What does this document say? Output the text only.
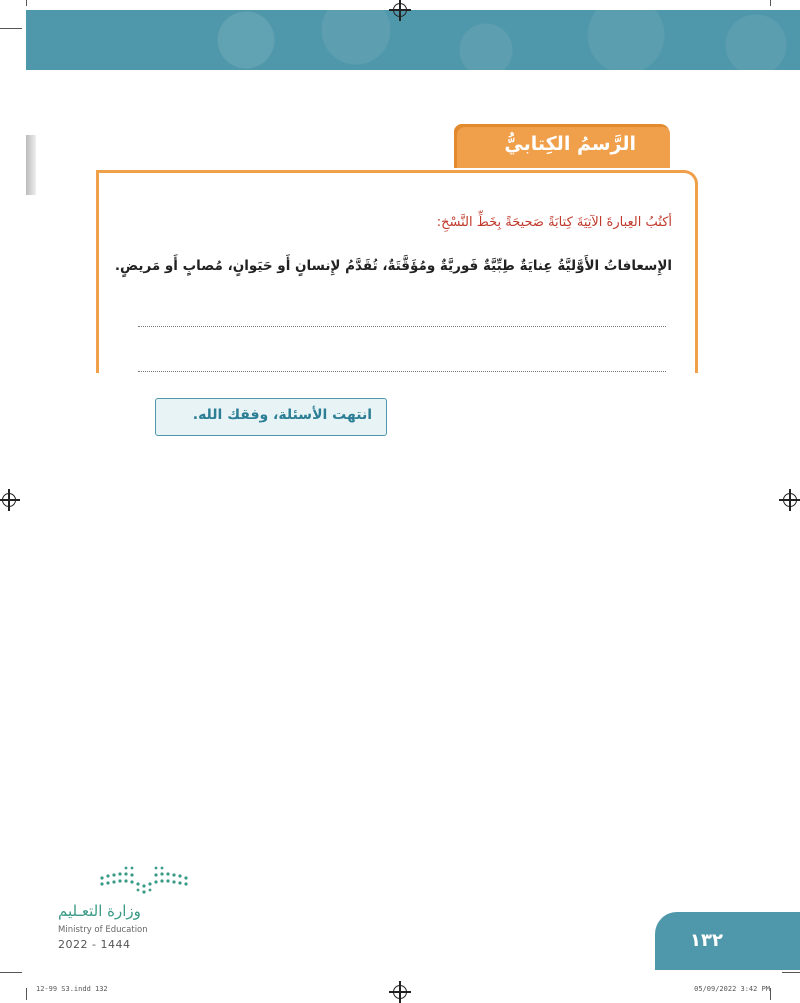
الرَّسمُ الكِتابيُّ
أكتُبُ العِبارةَ الآتِيَةَ كِتابَةً صَحيحَةً بِخَطِّ النَّسْخِ:
الإِسعافاتُ الأَوَّليَّةُ عِنايَةٌ طِبِّيَّةٌ فَوريَّةٌ ومُؤَقَّتَةٌ، تُقَدَّمُ لإِنسانٍ أَو حَيَوانٍ، مُصابٍ أَو مَريضٍ.
انتهت الأسئلة، وفقك الله.
وزارة التعـليم
Ministry of Education
2022 - 1444	١٣٢
12-99 S3.indd 132	05/09/2022 3:42 PM
